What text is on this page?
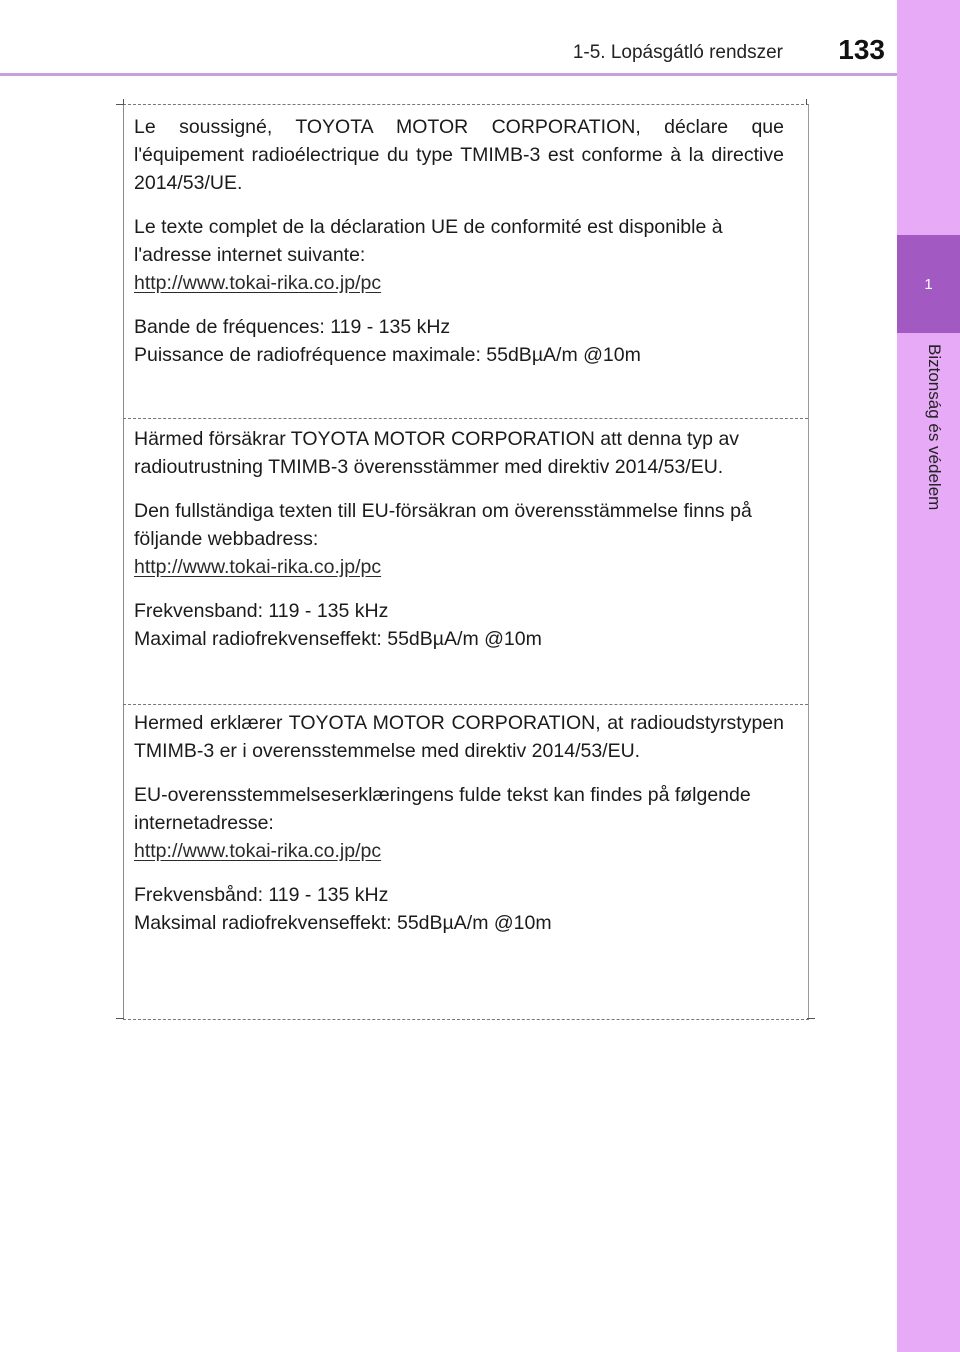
1-5. Lopásgátló rendszer	133
1
Biztonság és védelem

Le soussigné, TOYOTA MOTOR CORPORATION, déclare que l'équipement radioélectrique du type TMIMB-3 est conforme à la directive 2014/53/UE.

Le texte complet de la déclaration UE de conformité est disponible à l'adresse internet suivante:

http://www.tokai-rika.co.jp/pc

Bande de fréquences: 119 - 135 kHz

Puissance de radiofréquence maximale: 55dBµA/m @10m

Härmed försäkrar TOYOTA MOTOR CORPORATION att denna typ av radioutrustning TMIMB-3 överensstämmer med direktiv 2014/53/EU.

Den fullständiga texten till EU-försäkran om överensstämmelse finns på följande webbadress:

http://www.tokai-rika.co.jp/pc

Frekvensband: 119 - 135 kHz

Maximal radiofrekvenseffekt: 55dBµA/m @10m

Hermed erklærer TOYOTA MOTOR CORPORATION, at radioudstyrstypen TMIMB-3 er i overensstemmelse med direktiv 2014/53/EU.

EU-overensstemmelseserklæringens fulde tekst kan findes på følgende internetadresse:

http://www.tokai-rika.co.jp/pc

Frekvensbånd: 119 - 135 kHz

Maksimal radiofrekvenseffekt: 55dBµA/m @10m
